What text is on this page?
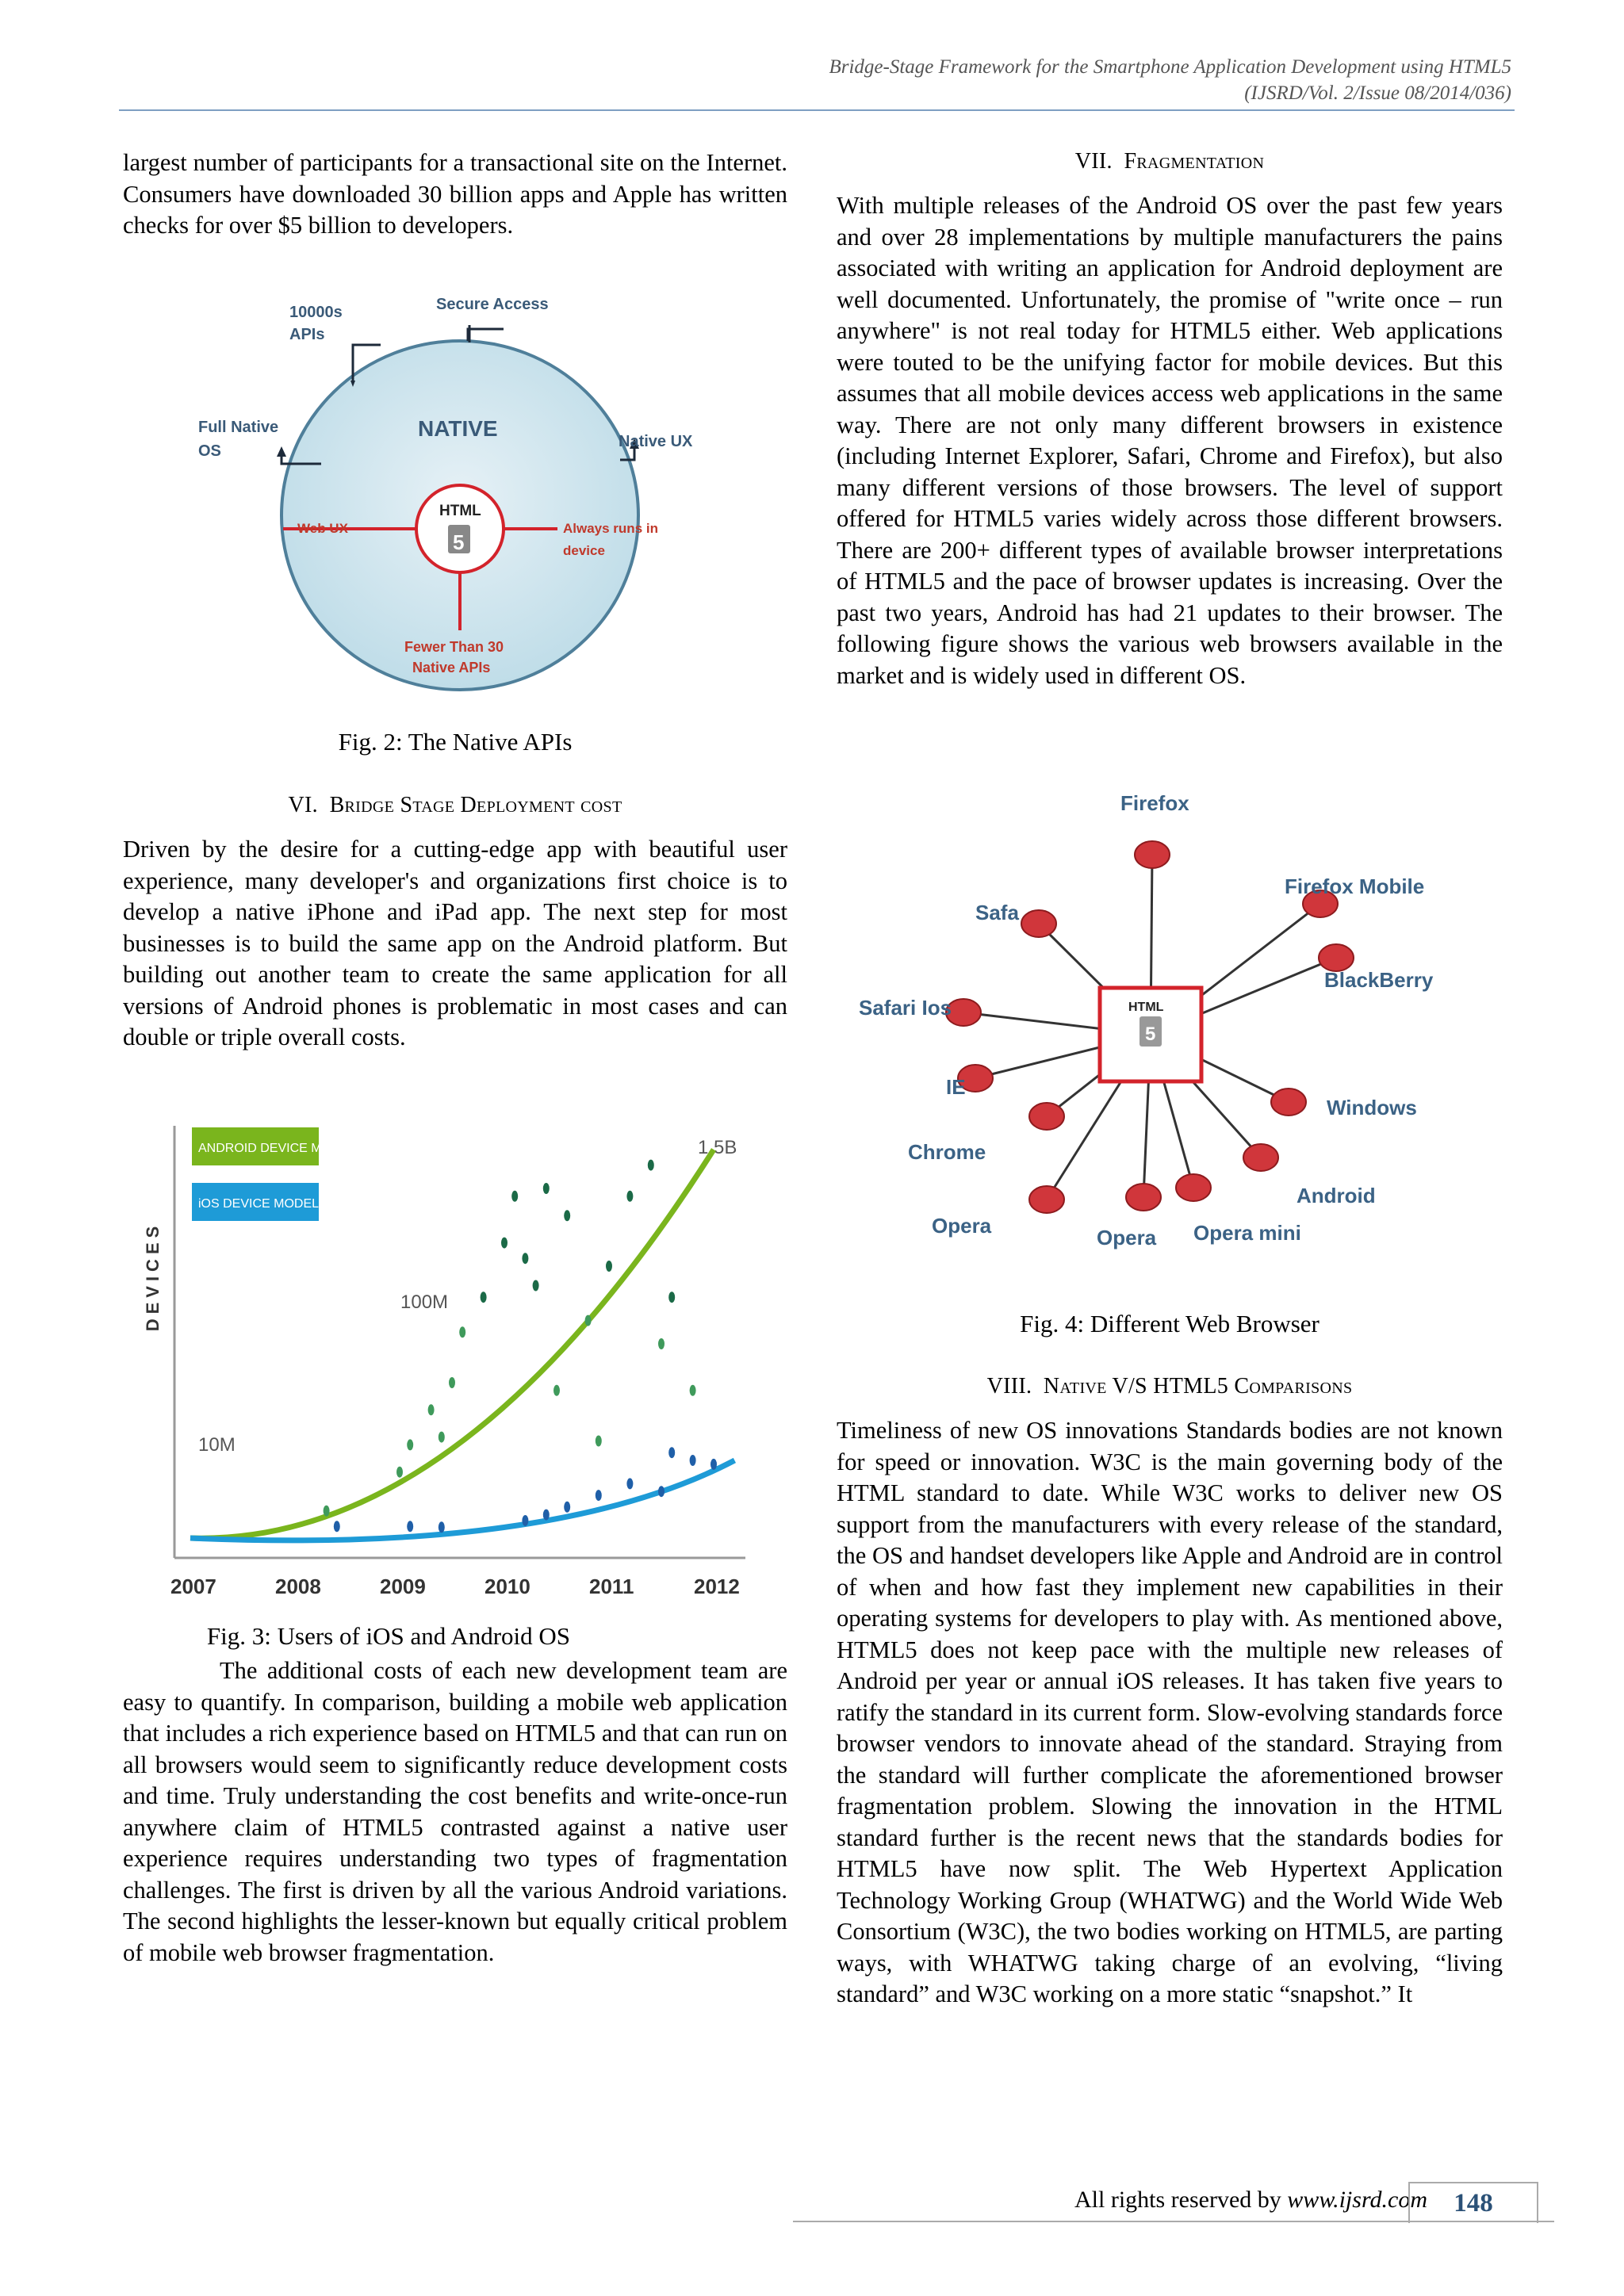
Bridge-Stage Framework for the Smartphone Application Development using HTML5
(IJSRD/Vol. 2/Issue 08/2014/036)

largest number of participants for a transactional site on the Internet. Consumers have downloaded 30 billion apps and Apple has written checks for over $5 billion to developers.

10000s
APIs
Secure Access
NATIVE
Full Native
OS
Native UX
HTML
5
Web UX	Always runs in
device
Fewer Than 30
Native APIs
Fig. 2: The Native APIs
VI. Bridge Stage Deployment cost

Driven by the desire for a cutting-edge app with beautiful user experience, many developer's and organizations first choice is to develop a native iPhone and iPad app. The next step for most businesses is to build the same app on the Android platform. But building out another team to create the same application for all versions of Android phones is problematic in most cases and can double or triple overall costs.

DEVICES
ANDROID DEVICE MODELS
iOS DEVICE MODELS
1.5B
100M
10M
2007	2008	2009	2010	2011	2012
Fig. 3: Users of iOS and Android OS

The additional costs of each new development team are easy to quantify. In comparison, building a mobile web application that includes a rich experience based on HTML5 and that can run on all browsers would seem to significantly reduce development costs and time. Truly understanding the cost benefits and write-once-run anywhere claim of HTML5 contrasted against a native user experience requires understanding two types of fragmentation challenges. The first is driven by all the various Android variations. The second highlights the lesser-known but equally critical problem of mobile web browser fragmentation.

VII. Fragmentation

With multiple releases of the Android OS over the past few years and over 28 implementations by multiple manufacturers the pains associated with writing an application for Android deployment are well documented. Unfortunately, the promise of "write once – run anywhere" is not real today for HTML5 either. Web applications were touted to be the unifying factor for mobile devices. But this assumes that all mobile devices access web applications in the same way. There are not only many different browsers in existence (including Internet Explorer, Safari, Chrome and Firefox), but also many different versions of those browsers. The level of support offered for HTML5 varies widely across those different browsers. There are 200+ different types of available browser interpretations of HTML5 and the pace of browser updates is increasing. Over the past two years, Android has had 21 updates to their browser. The following figure shows the various web browsers available in the market and is widely used in different OS.

HTML
5
Firefox
Firefox Mobile
BlackBerry
Windows
Android
Opera mini
Opera
Opera
Chrome
IE
Safari Ios
Safa
Fig. 4: Different Web Browser
VIII. Native V/S HTML5 Comparisons

Timeliness of new OS innovations Standards bodies are not known for speed or innovation. W3C is the main governing body of the HTML standard to date. While W3C works to deliver new OS support from the manufacturers with every release of the standard, the OS and handset developers like Apple and Android are in control of when and how fast they implement new capabilities in their operating systems for developers to play with. As mentioned above, HTML5 does not keep pace with the multiple new releases of Android per year or annual iOS releases. It has taken five years to ratify the standard in its current form. Slow-evolving standards force browser vendors to innovate ahead of the standard. Straying from the standard will further complicate the aforementioned browser fragmentation problem. Slowing the innovation in the HTML standard further is the recent news that the standards bodies for HTML5 have now split. The Web Hypertext Application Technology Working Group (WHATWG) and the World Wide Web Consortium (W3C), the two bodies working on HTML5, are parting ways, with WHATWG taking charge of an evolving, “living standard” and W3C working on a more static “snapshot.” It

All rights reserved by www.ijsrd.com	148
